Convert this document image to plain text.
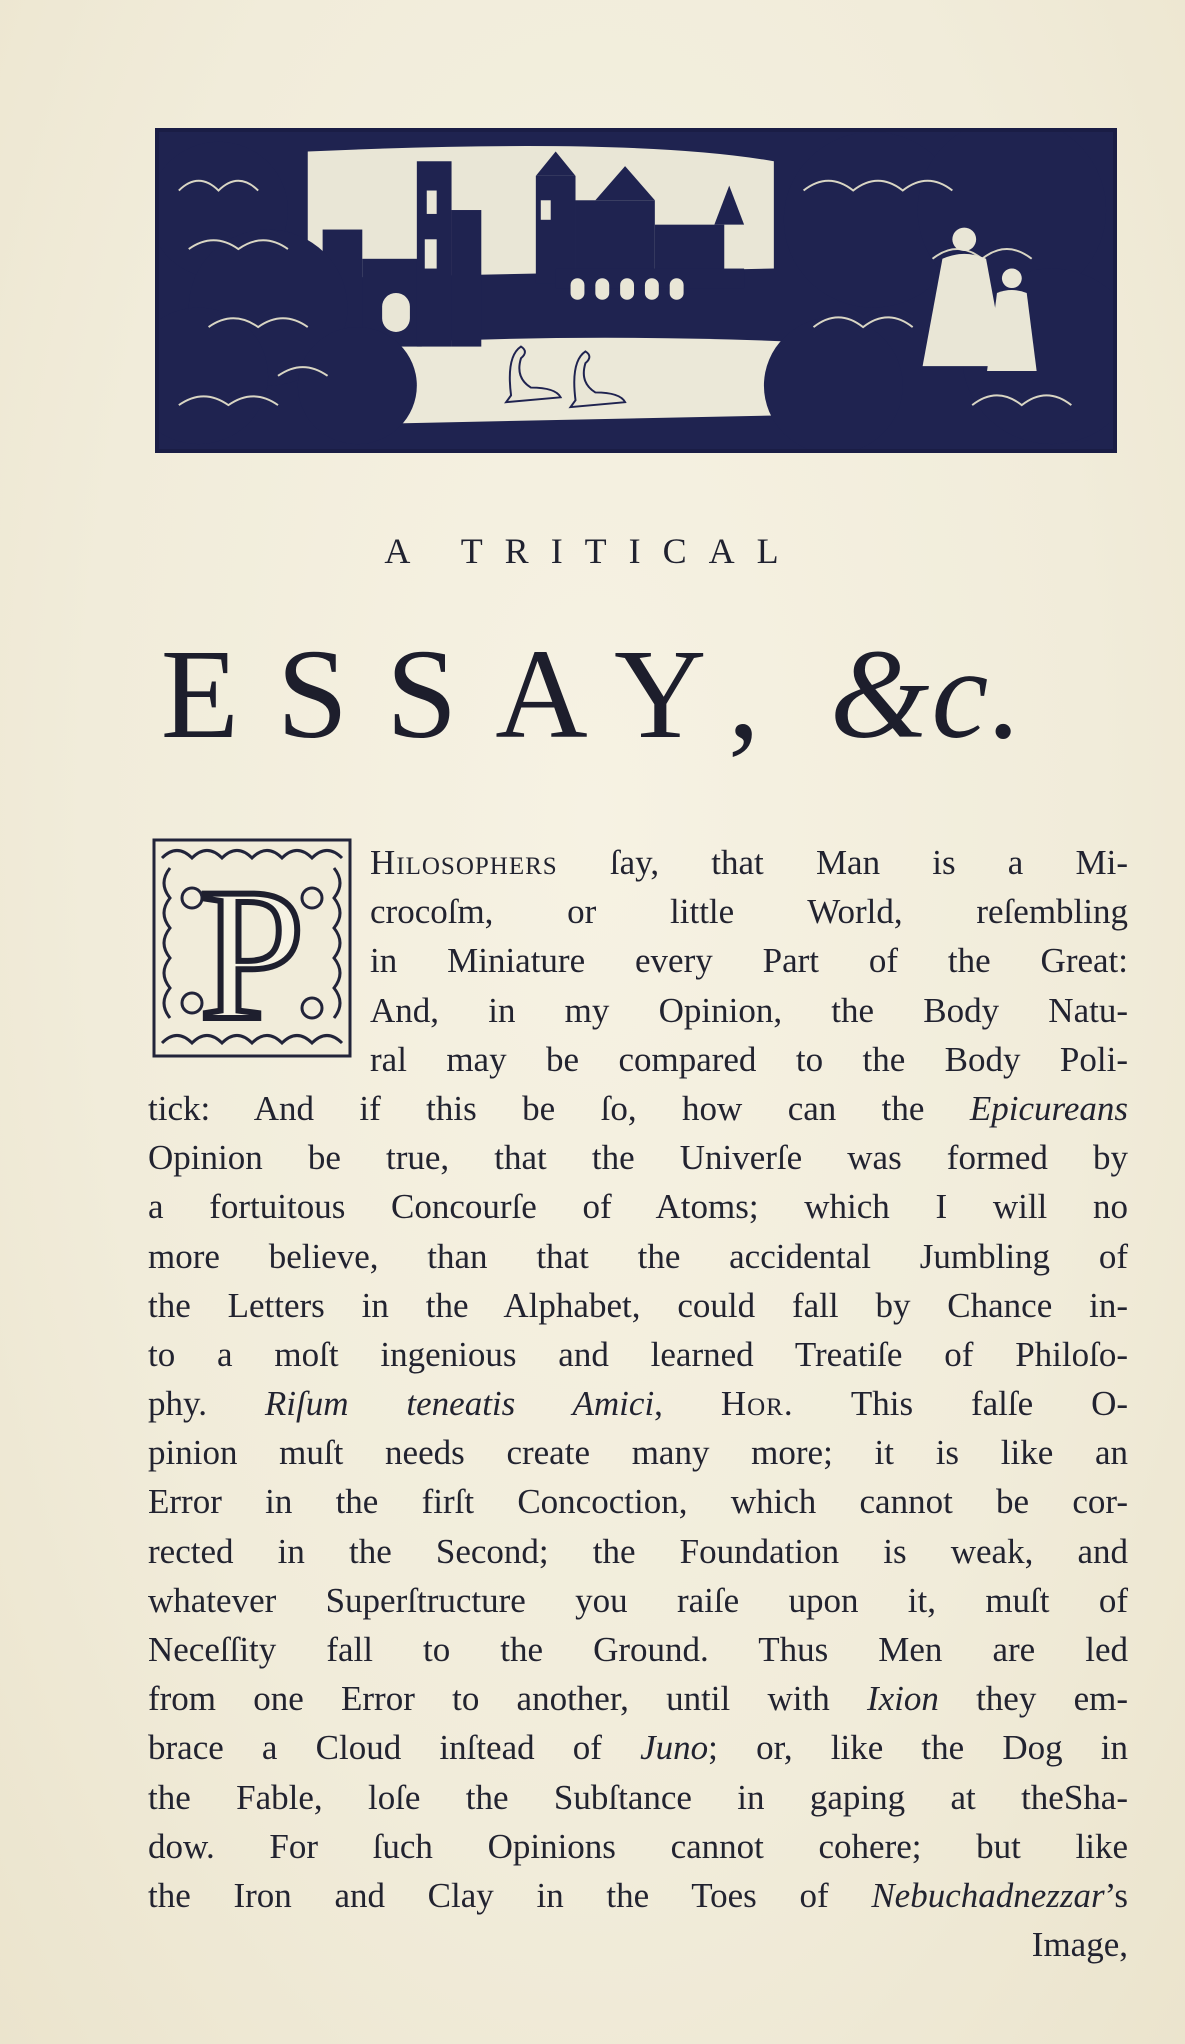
A TRITICAL
ESSAY, &c.
P	Hilosophers ſay, that Man is a Mi-
crocoſm, or little World, reſembling
in Miniature every Part of the Great:
And, in my Opinion, the Body Natu-
ral may be compared to the Body Poli-
tick: And if this be ſo, how can the Epicureans
Opinion be true, that the Univerſe was formed by
a fortuitous Concourſe of Atoms; which I will no
more believe, than that the accidental Jumbling of
the Letters in the Alphabet, could fall by Chance in-
to a moſt ingenious and learned Treatiſe of Philoſo-
phy. Riſum teneatis Amici, Hor. This falſe O-
pinion muſt needs create many more; it is like an
Error in the firſt Concoction, which cannot be cor-
rected in the Second; the Foundation is weak, and
whatever Superſtructure you raiſe upon it, muſt of
Neceſſity fall to the Ground. Thus Men are led
from one Error to another, until with Ixion they em-
brace a Cloud inſtead of Juno; or, like the Dog in
the Fable, loſe the Subſtance in gaping at theSha-
dow. For ſuch Opinions cannot cohere; but like
the Iron and Clay in the Toes of Nebuchadnezzar’s
Image,
